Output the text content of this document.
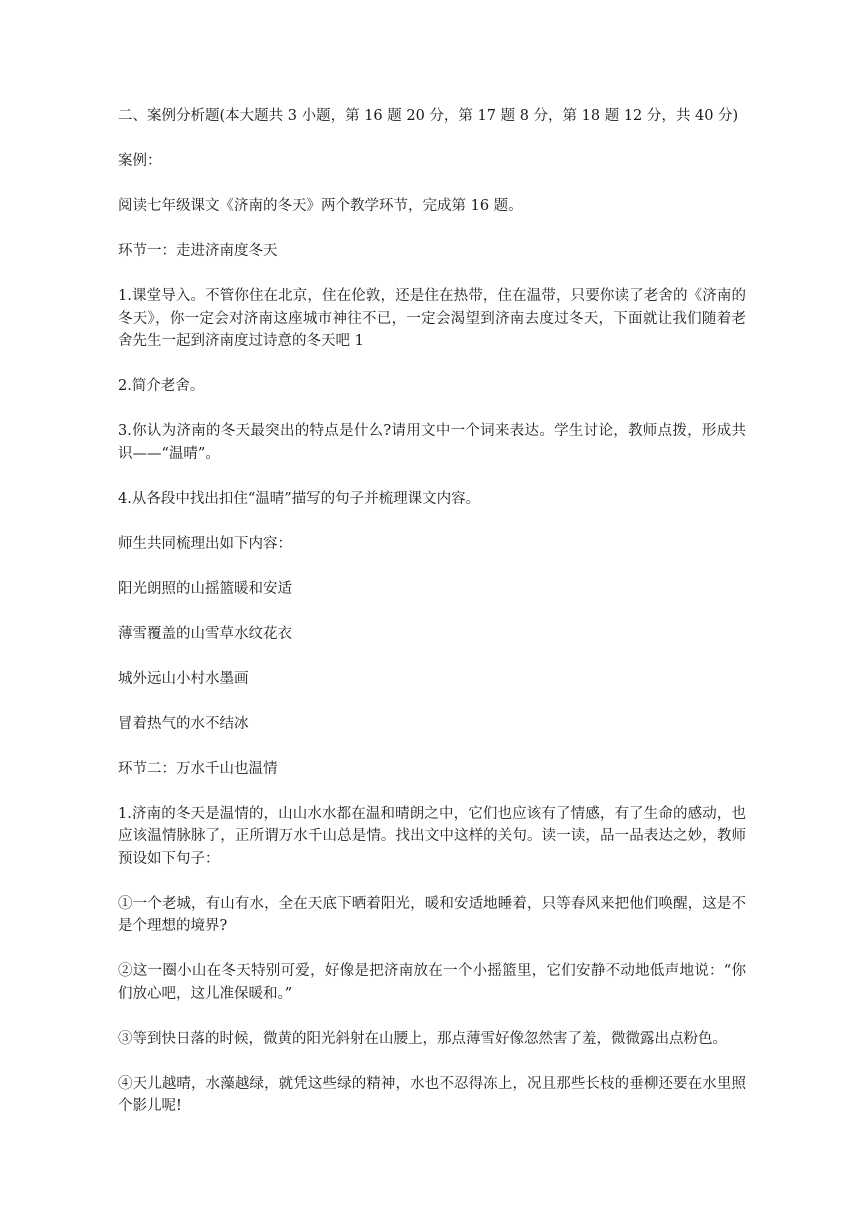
二、案例分析题(本大题共 3 小题，第 16 题 20 分，第 17 题 8 分，第 18 题 12 分，共 40 分)

案例：

阅读七年级课文《济南的冬天》两个教学环节，完成第 16 题。

环节一：走进济南度冬天

1.课堂导入。不管你住在北京，住在伦敦，还是住在热带，住在温带，只要你读了老舍的《济南的冬天》，你一定会对济南这座城市神往不已，一定会渴望到济南去度过冬天，下面就让我们随着老舍先生一起到济南度过诗意的冬天吧 1

2.简介老舍。

3.你认为济南的冬天最突出的特点是什么?请用文中一个词来表达。学生讨论，教师点拨，形成共识——“温晴”。

4.从各段中找出扣住“温晴”描写的句子并梳理课文内容。

师生共同梳理出如下内容：

阳光朗照的山摇篮暖和安适

薄雪覆盖的山雪草水纹花衣

城外远山小村水墨画

冒着热气的水不结冰

环节二：万水千山也温情

1.济南的冬天是温情的，山山水水都在温和晴朗之中，它们也应该有了情感，有了生命的感动，也应该温情脉脉了，正所谓万水千山总是情。找出文中这样的关句。读一读，品一品表达之妙，教师预设如下句子：

①一个老城，有山有水，全在天底下晒着阳光，暖和安适地睡着，只等春风来把他们唤醒，这是不是个理想的境界?

②这一圈小山在冬天特别可爱，好像是把济南放在一个小摇篮里，它们安静不动地低声地说：“你们放心吧，这儿准保暖和。”

③等到快日落的时候，微黄的阳光斜射在山腰上，那点薄雪好像忽然害了羞，微微露出点粉色。

④天儿越晴，水藻越绿，就凭这些绿的精神，水也不忍得冻上，况且那些长枝的垂柳还要在水里照个影儿呢!
